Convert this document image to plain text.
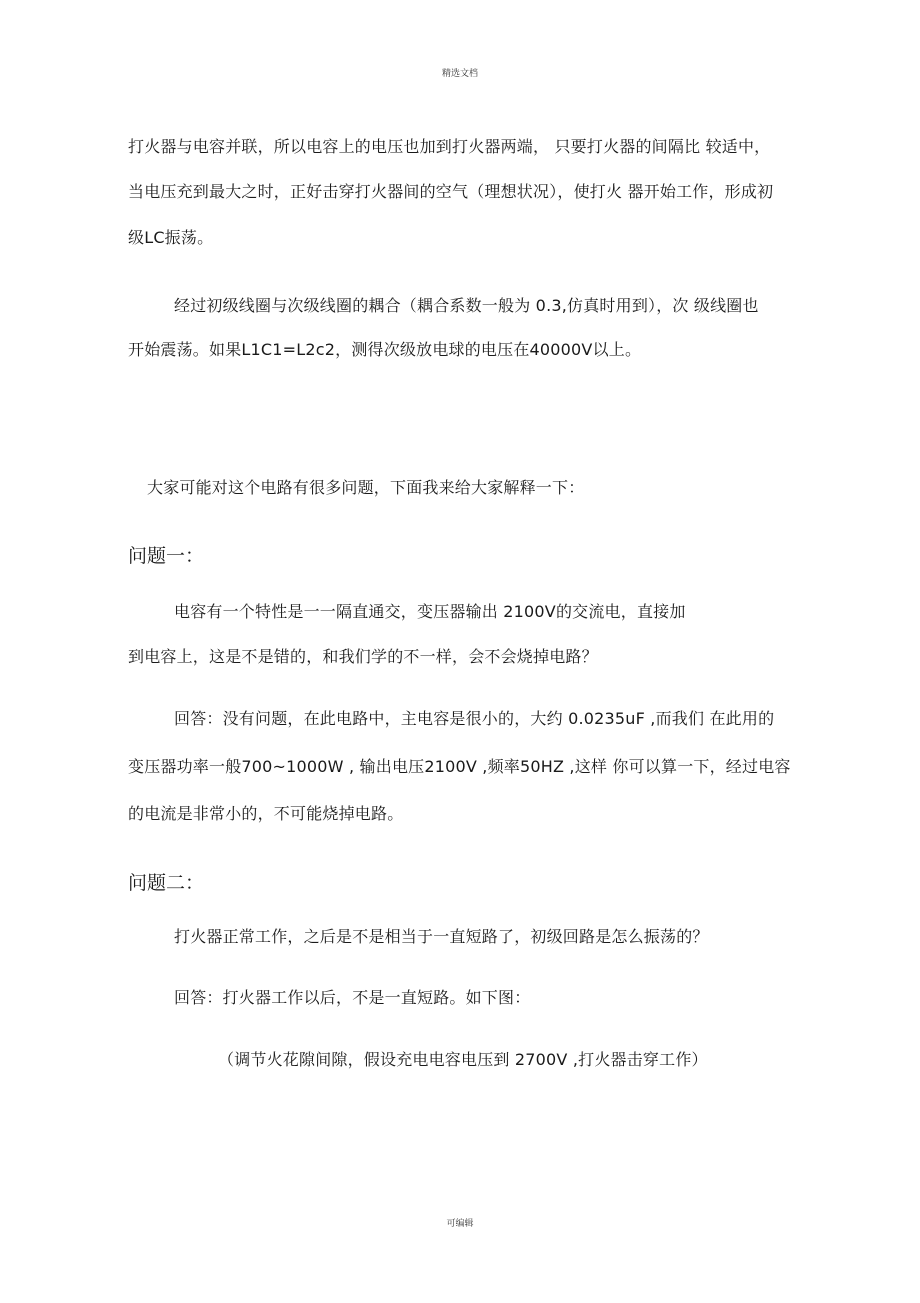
精选文档
打火器与电容并联，所以电容上的电压也加到打火器两端， 只要打火器的间隔比 较适中，
当电压充到最大之时，正好击穿打火器间的空气（理想状况），使打火 器开始工作，形成初
级LC振荡。
经过初级线圈与次级线圈的耦合（耦合系数一般为 0.3,仿真时用到），次 级线圈也
开始震荡。如果L1C1=L2c2，测得次级放电球的电压在40000V以上。
大家可能对这个电路有很多问题，下面我来给大家解释一下：
问题一：
电容有一个特性是一一隔直通交，变压器输出 2100V的交流电，直接加
到电容上，这是不是错的，和我们学的不一样，会不会烧掉电路？
回答：没有问题，在此电路中，主电容是很小的，大约 0.0235uF ,而我们 在此用的
变压器功率一般700~1000W , 输出电压2100V ,频率50HZ ,这样 你可以算一下，经过电容
的电流是非常小的，不可能烧掉电路。
问题二：
打火器正常工作，之后是不是相当于一直短路了，初级回路是怎么振荡的？
回答：打火器工作以后，不是一直短路。如下图：
（调节火花隙间隙，假设充电电容电压到 2700V ,打火器击穿工作）
可编辑
